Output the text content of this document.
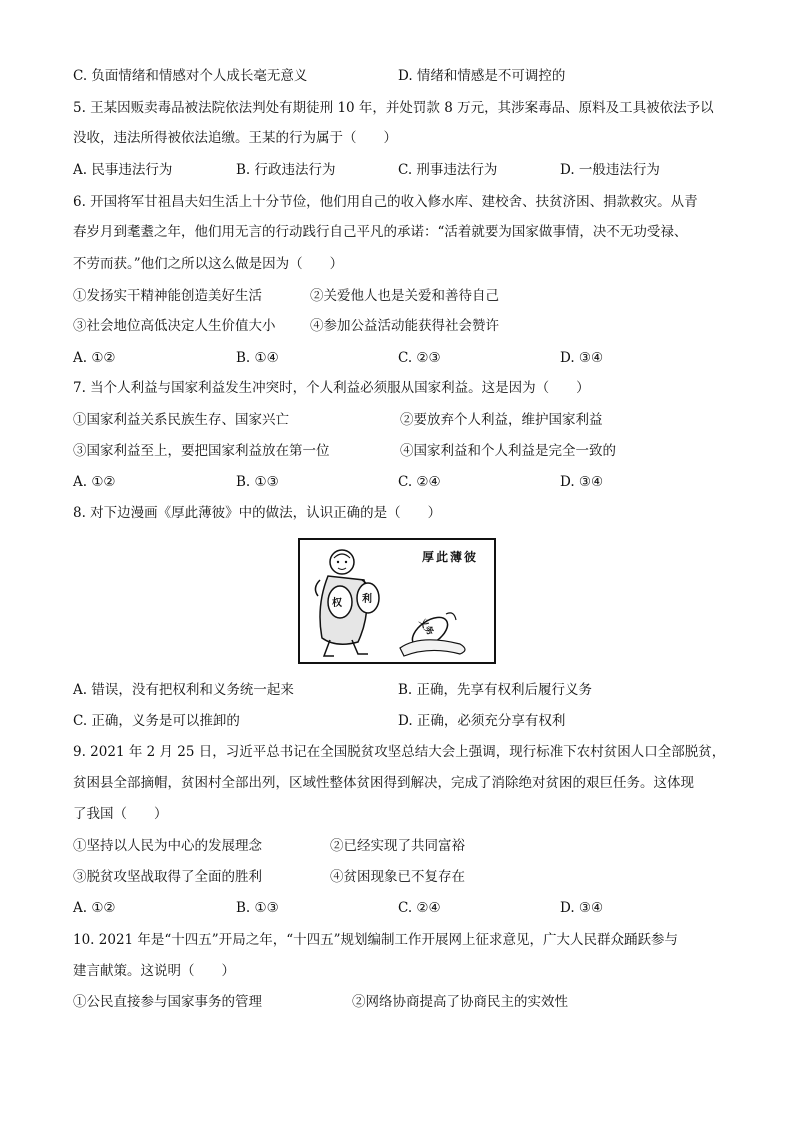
C. 负面情绪和情感对个人成长毫无意义	D. 情绪和情感是不可调控的
5. 王某因贩卖毒品被法院依法判处有期徒刑 10 年，并处罚款 8 万元，其涉案毒品、原料及工具被依法予以
没收，违法所得被依法追缴。王某的行为属于（　　）
A. 民事违法行为	B. 行政违法行为	C. 刑事违法行为	D. 一般违法行为
6. 开国将军甘祖昌夫妇生活上十分节俭，他们用自己的收入修水库、建校舍、扶贫济困、捐款救灾。从青
春岁月到耄耋之年，他们用无言的行动践行自己平凡的承诺：“活着就要为国家做事情，决不无功受禄、
不劳而获。”他们之所以这么做是因为（　　）
①发扬实干精神能创造美好生活	②关爱他人也是关爱和善待自己
③社会地位高低决定人生价值大小	④参加公益活动能获得社会赞许
A. ①②	B. ①④	C. ②③	D. ③④
7. 当个人利益与国家利益发生冲突时，个人利益必须服从国家利益。这是因为（　　）
①国家利益关系民族生存、国家兴亡	②要放弃个人利益，维护国家利益
③国家利益至上，要把国家利益放在第一位	④国家利益和个人利益是完全一致的
A. ①②	B. ①③	C. ②④	D. ③④
8. 对下边漫画《厚此薄彼》中的做法，认识正确的是（　　）
厚此薄彼
权 利
义务
A. 错误，没有把权利和义务统一起来	B. 正确，先享有权利后履行义务
C. 正确，义务是可以推卸的	D. 正确，必须充分享有权利
9. 2021 年 2 月 25 日，习近平总书记在全国脱贫攻坚总结大会上强调，现行标准下农村贫困人口全部脱贫，
贫困县全部摘帽，贫困村全部出列，区域性整体贫困得到解决，完成了消除绝对贫困的艰巨任务。这体现
了我国（　　）
①坚持以人民为中心的发展理念	②已经实现了共同富裕
③脱贫攻坚战取得了全面的胜利	④贫困现象已不复存在
A. ①②	B. ①③	C. ②④	D. ③④
10. 2021 年是“十四五”开局之年，“十四五”规划编制工作开展网上征求意见，广大人民群众踊跃参与
建言献策。这说明（　　）
①公民直接参与国家事务的管理	②网络协商提高了协商民主的实效性
